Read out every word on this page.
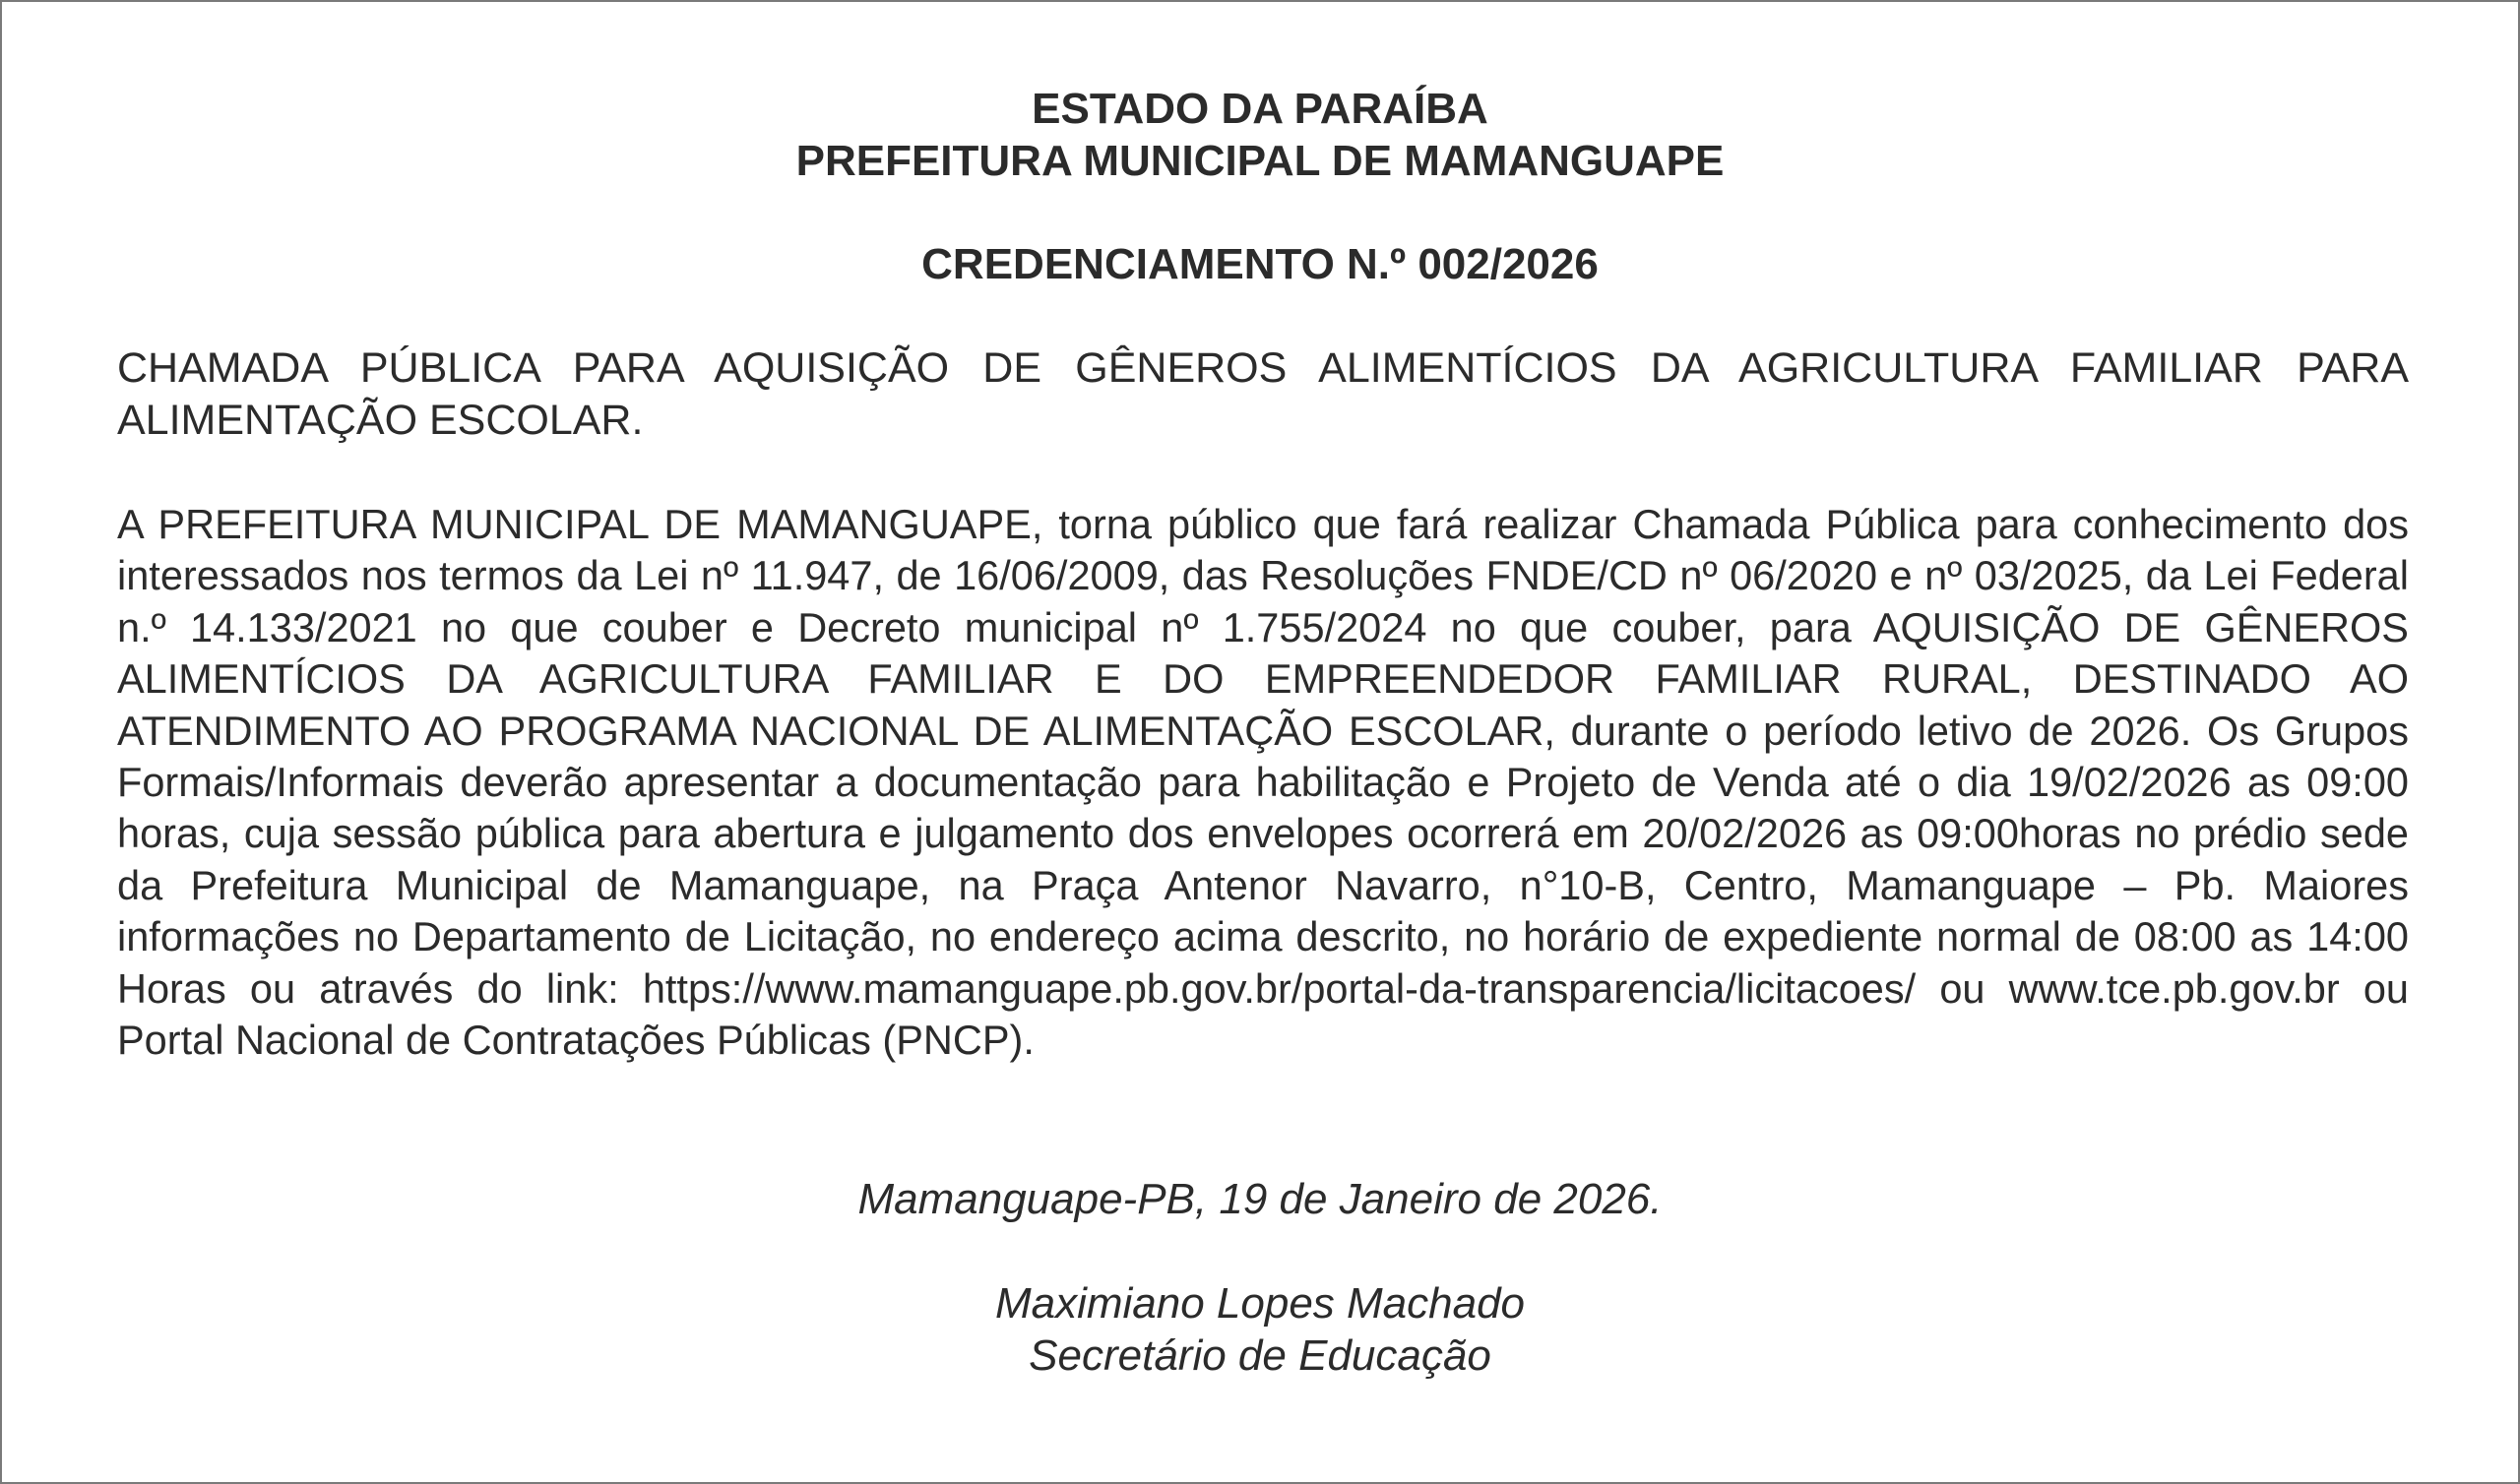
ESTADO DA PARAÍBA
PREFEITURA MUNICIPAL DE MAMANGUAPE
CREDENCIAMENTO N.º 002/2026
CHAMADA PÚBLICA PARA AQUISIÇÃO DE GÊNEROS ALIMENTÍCIOS DA AGRICULTURA FAMILIAR PARA ALIMENTAÇÃO ESCOLAR.
A PREFEITURA MUNICIPAL DE MAMANGUAPE, torna público que fará realizar Chamada Pública para conhecimento dos interessados nos termos da Lei nº 11.947, de 16/06/2009, das Resoluções FNDE/CD nº 06/2020 e nº 03/2025, da Lei Federal n.º 14.133/2021 no que couber e Decreto municipal nº 1.755/2024 no que couber, para AQUISIÇÃO DE GÊNEROS ALIMENTÍCIOS DA AGRICULTURA FAMILIAR E DO EMPREENDEDOR FAMILIAR RURAL, DESTINADO AO ATENDIMENTO AO PROGRAMA NACIONAL DE ALIMENTAÇÃO ESCOLAR, durante o período letivo de 2026. Os Grupos Formais/Informais deverão apresentar a documentação para habilitação e Projeto de Venda até o dia 19/02/2026 as 09:00 horas, cuja sessão pública para abertura e julgamento dos envelopes ocorrerá em 20/02/2026 as 09:00horas no prédio sede da Prefeitura Municipal de Mamanguape, na Praça Antenor Navarro, n°10-B, Centro, Mamanguape – Pb. Maiores informações no Departamento de Licitação, no endereço acima descrito, no horário de expediente normal de 08:00 as 14:00 Horas ou através do link: https://www.mamanguape.pb.gov.br/portal-da-transparencia/licitacoes/ ou www.tce.pb.gov.br ou Portal Nacional de Contratações Públicas (PNCP).
Mamanguape-PB, 19 de Janeiro de 2026.
Maximiano Lopes Machado
Secretário de Educação
